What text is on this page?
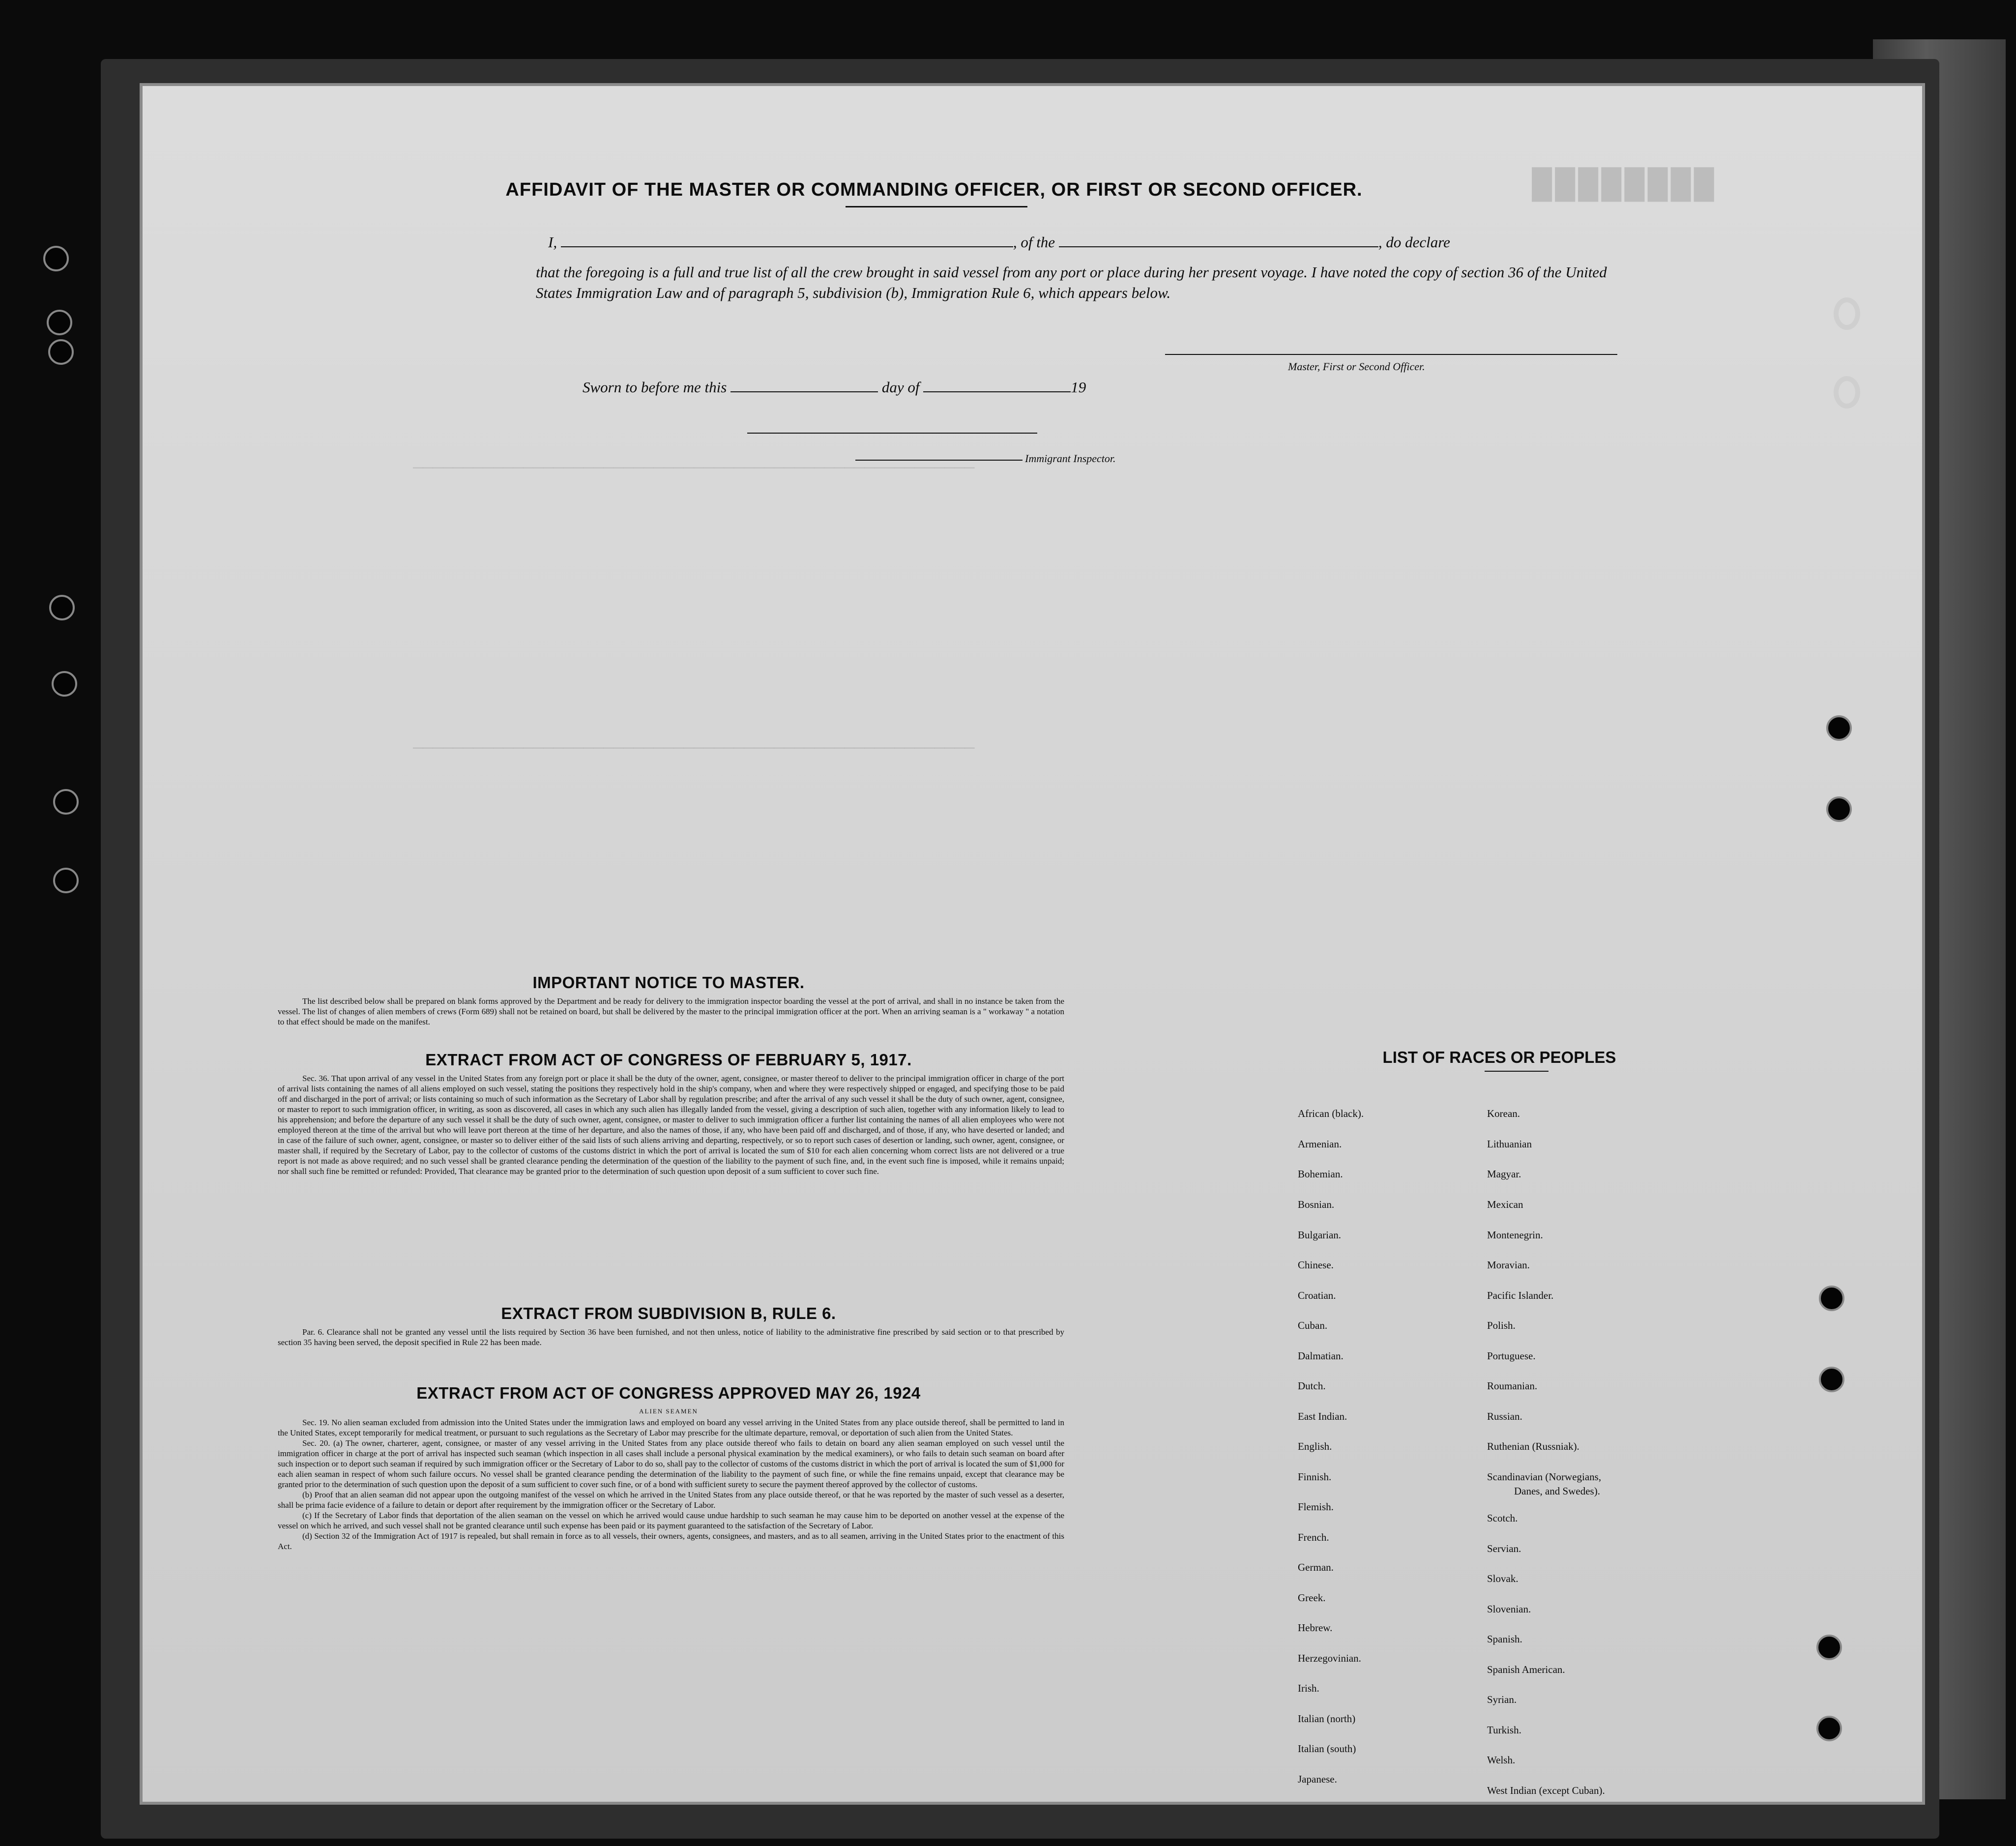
████████
────────────────────────────────────────────────────────
────────────────────────────────────────────────────────
AFFIDAVIT OF THE MASTER OR COMMANDING OFFICER, OR FIRST OR SECOND OFFICER.
I,	, of the	, do declare
that the foregoing is a full and true list of all the crew brought in said vessel from any port or place during her present voyage. I have noted the copy of section 36 of the United States Immigration Law and of paragraph 5, subdivision (b), Immigration Rule 6, which appears below.
Master, First or Second Officer.
Sworn to before me this	day of	19
Immigrant Inspector.
IMPORTANT NOTICE TO MASTER.

The list described below shall be prepared on blank forms approved by the Department and be ready for delivery to the immigration inspector boarding the vessel at the port of arrival, and shall in no instance be taken from the vessel. The list of changes of alien members of crews (Form 689) shall not be retained on board, but shall be delivered by the master to the principal immigration officer at the port. When an arriving seaman is a " workaway " a notation to that effect should be made on the manifest.

EXTRACT FROM ACT OF CONGRESS OF FEBRUARY 5, 1917.

Sec. 36. That upon arrival of any vessel in the United States from any foreign port or place it shall be the duty of the owner, agent, consignee, or master thereof to deliver to the principal immigration officer in charge of the port of arrival lists containing the names of all aliens employed on such vessel, stating the positions they respectively hold in the ship's company, when and where they were respectively shipped or engaged, and specifying those to be paid off and discharged in the port of arrival; or lists containing so much of such information as the Secretary of Labor shall by regulation prescribe; and after the arrival of any such vessel it shall be the duty of such owner, agent, consignee, or master to report to such immigration officer, in writing, as soon as discovered, all cases in which any such alien has illegally landed from the vessel, giving a description of such alien, together with any information likely to lead to his apprehension; and before the departure of any such vessel it shall be the duty of such owner, agent, consignee, or master to deliver to such immigration officer a further list containing the names of all alien employees who were not employed thereon at the time of the arrival but who will leave port thereon at the time of her departure, and also the names of those, if any, who have been paid off and discharged, and of those, if any, who have deserted or landed; and in case of the failure of such owner, agent, consignee, or master so to deliver either of the said lists of such aliens arriving and departing, respectively, or so to report such cases of desertion or landing, such owner, agent, consignee, or master shall, if required by the Secretary of Labor, pay to the collector of customs of the customs district in which the port of arrival is located the sum of $10 for each alien concerning whom correct lists are not delivered or a true report is not made as above required; and no such vessel shall be granted clearance pending the determination of the question of the liability to the payment of such fine, and, in the event such fine is imposed, while it remains unpaid; nor shall such fine be remitted or refunded: Provided, That clearance may be granted prior to the determination of such question upon deposit of a sum sufficient to cover such fine.

EXTRACT FROM SUBDIVISION B, RULE 6.

Par. 6. Clearance shall not be granted any vessel until the lists required by Section 36 have been furnished, and not then unless, notice of liability to the administrative fine prescribed by said section or to that prescribed by section 35 having been served, the deposit specified in Rule 22 has been made.

EXTRACT FROM ACT OF CONGRESS APPROVED MAY 26, 1924
ALIEN SEAMEN

Sec. 19. No alien seaman excluded from admission into the United States under the immigration laws and employed on board any vessel arriving in the United States from any place outside thereof, shall be permitted to land in the United States, except temporarily for medical treatment, or pursuant to such regulations as the Secretary of Labor may prescribe for the ultimate departure, removal, or deportation of such alien from the United States.

Sec. 20. (a) The owner, charterer, agent, consignee, or master of any vessel arriving in the United States from any place outside thereof who fails to detain on board any alien seaman employed on such vessel until the immigration officer in charge at the port of arrival has inspected such seaman (which inspection in all cases shall include a personal physical examination by the medical examiners), or who fails to detain such seaman on board after such inspection or to deport such seaman if required by such immigration officer or the Secretary of Labor to do so, shall pay to the collector of customs of the customs district in which the port of arrival is located the sum of $1,000 for each alien seaman in respect of whom such failure occurs. No vessel shall be granted clearance pending the determination of the liability to the payment of such fine, or while the fine remains unpaid, except that clearance may be granted prior to the determination of such question upon the deposit of a sum sufficient to cover such fine, or of a bond with sufficient surety to secure the payment thereof approved by the collector of customs.

(b) Proof that an alien seaman did not appear upon the outgoing manifest of the vessel on which he arrived in the United States from any place outside thereof, or that he was reported by the master of such vessel as a deserter, shall be prima facie evidence of a failure to detain or deport after requirement by the immigration officer or the Secretary of Labor.

(c) If the Secretary of Labor finds that deportation of the alien seaman on the vessel on which he arrived would cause undue hardship to such seaman he may cause him to be deported on another vessel at the expense of the vessel on which he arrived, and such vessel shall not be granted clearance until such expense has been paid or its payment guaranteed to the satisfaction of the Secretary of Labor.

(d) Section 32 of the Immigration Act of 1917 is repealed, but shall remain in force as to all vessels, their owners, agents, consignees, and masters, and as to all seamen, arriving in the United States prior to the enactment of this Act.

LIST OF RACES OR PEOPLES
African (black).
Armenian.
Bohemian.
Bosnian.
Bulgarian.
Chinese.
Croatian.
Cuban.
Dalmatian.
Dutch.
East Indian.
English.
Finnish.
Flemish.
French.
German.
Greek.
Hebrew.
Herzegovinian.
Irish.
Italian (north)
Italian (south)
Japanese.
Korean.
Lithuanian
Magyar.
Mexican
Montenegrin.
Moravian.
Pacific Islander.
Polish.
Portuguese.
Roumanian.
Russian.
Ruthenian (Russniak).
Scandinavian (Norwegians,
Danes, and Swedes).
Scotch.
Servian.
Slovak.
Slovenian.
Spanish.
Spanish American.
Syrian.
Turkish.
Welsh.
West Indian (except Cuban).
